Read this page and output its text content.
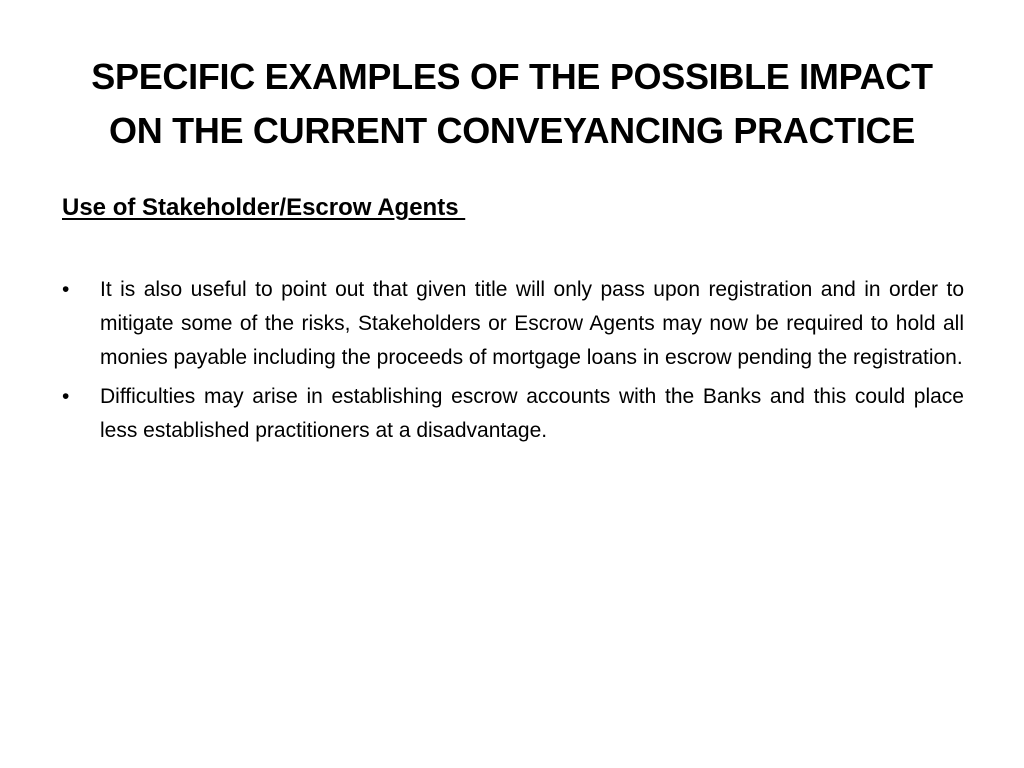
SPECIFIC EXAMPLES OF THE POSSIBLE IMPACT ON THE CURRENT CONVEYANCING PRACTICE
Use of Stakeholder/Escrow Agents
• It is also useful to point out that given title will only pass upon registration and in order to mitigate some of the risks, Stakeholders or Escrow Agents may now be required to hold all monies payable including the proceeds of mortgage loans in escrow pending the registration.
• Difficulties may arise in establishing escrow accounts with the Banks and this could place less established practitioners at a disadvantage.
